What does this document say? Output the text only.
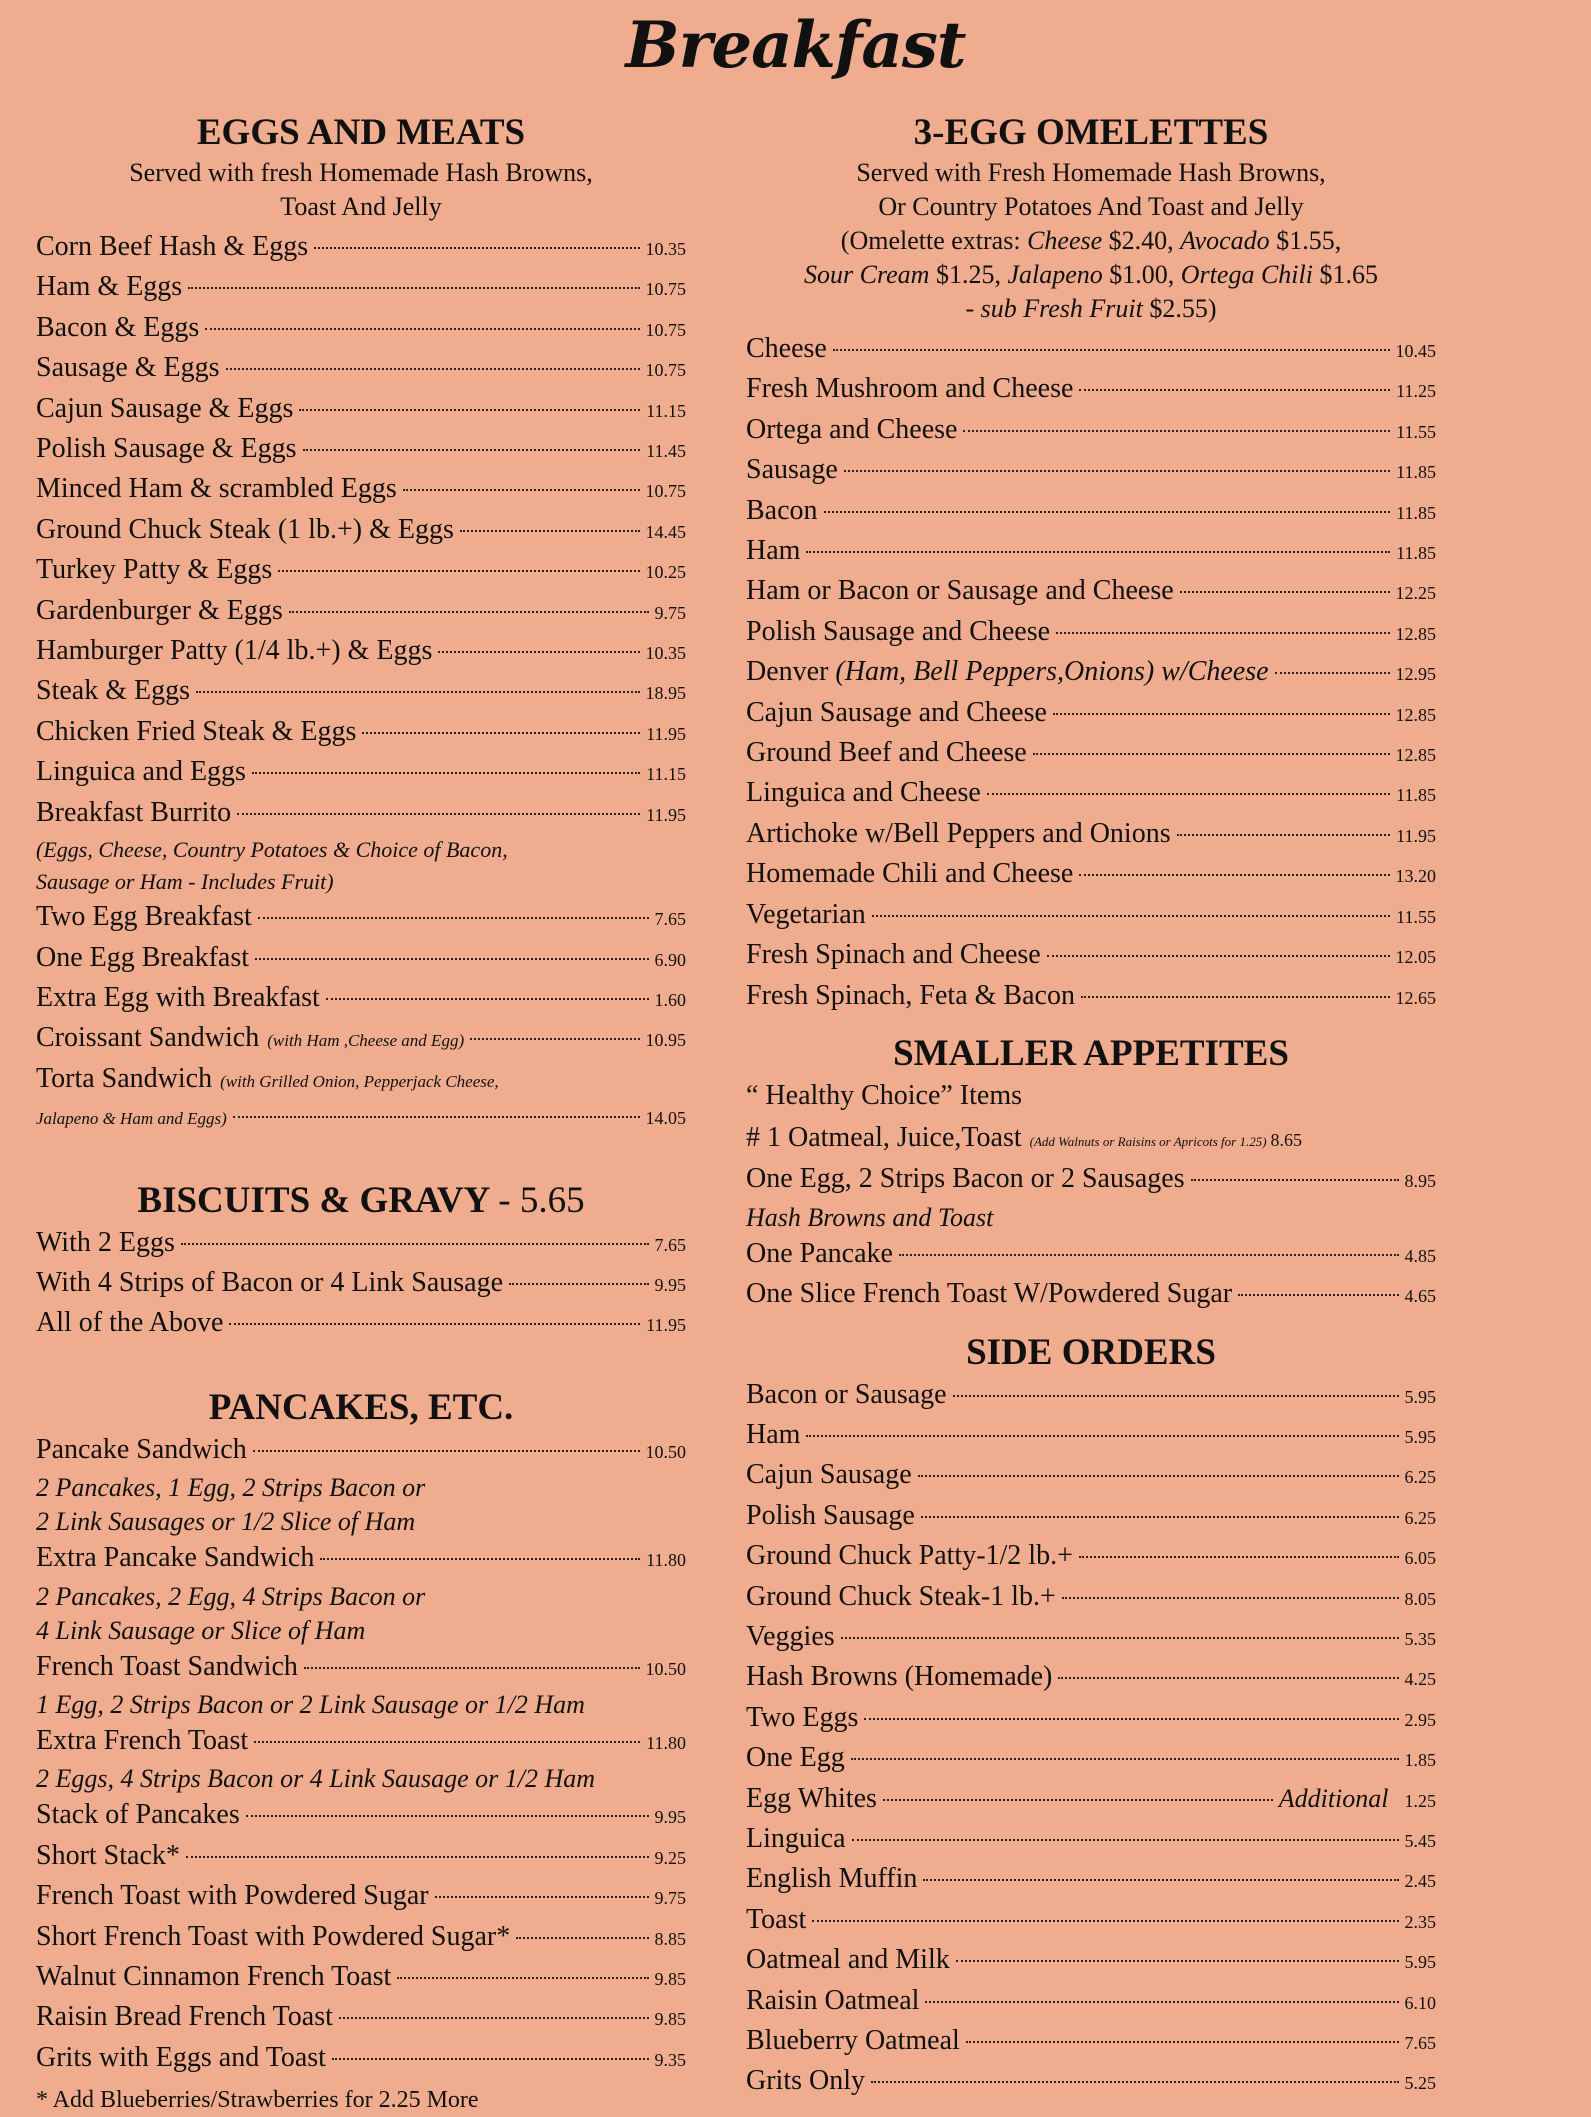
Breakfast
EGGS AND MEATS
Served with fresh Homemade Hash Browns,
Toast And Jelly
Corn Beef Hash & Eggs	10.35
Ham & Eggs	10.75
Bacon & Eggs	10.75
Sausage & Eggs	10.75
Cajun Sausage & Eggs	11.15
Polish Sausage & Eggs	11.45
Minced Ham & scrambled Eggs	10.75
Ground Chuck Steak (1 lb.+) & Eggs	14.45
Turkey Patty & Eggs	10.25
Gardenburger & Eggs	9.75
Hamburger Patty (1/4 lb.+) & Eggs	10.35
Steak & Eggs	18.95
Chicken Fried Steak & Eggs	11.95
Linguica and Eggs	11.15
Breakfast Burrito	11.95
(Eggs, Cheese, Country Potatoes & Choice of Bacon,
Sausage or Ham - Includes Fruit)
Two Egg Breakfast	7.65
One Egg Breakfast	6.90
Extra Egg with Breakfast	1.60
Croissant Sandwich (with Ham ,Cheese and Egg)	10.95
Torta Sandwich (with Grilled Onion, Pepperjack Cheese,
Jalapeno & Ham and Eggs)	14.05
BISCUITS & GRAVY - 5.65
With 2 Eggs	7.65
With 4 Strips of Bacon or 4 Link Sausage	9.95
All of the Above	11.95
PANCAKES, ETC.
Pancake Sandwich	10.50
2 Pancakes, 1 Egg, 2 Strips Bacon or
2 Link Sausages or 1/2 Slice of Ham
Extra Pancake Sandwich	11.80
2 Pancakes, 2 Egg, 4 Strips Bacon or
4 Link Sausage or Slice of Ham
French Toast Sandwich	10.50
1 Egg, 2 Strips Bacon or 2 Link Sausage or 1/2 Ham
Extra French Toast	11.80
2 Eggs, 4 Strips Bacon or 4 Link Sausage or 1/2 Ham
Stack of Pancakes	9.95
Short Stack*	9.25
French Toast with Powdered Sugar	9.75
Short French Toast with Powdered Sugar*	8.85
Walnut Cinnamon French Toast	9.85
Raisin Bread French Toast	9.85
Grits with Eggs and Toast	9.35
* Add Blueberries/Strawberries for 2.25 More
3-EGG OMELETTES
Served with Fresh Homemade Hash Browns,
Or Country Potatoes And Toast and Jelly
(Omelette extras: Cheese $2.40, Avocado $1.55,
Sour Cream $1.25, Jalapeno $1.00, Ortega Chili $1.65
- sub Fresh Fruit $2.55)
Cheese	10.45
Fresh Mushroom and Cheese	11.25
Ortega and Cheese	11.55
Sausage	11.85
Bacon	11.85
Ham	11.85
Ham or Bacon or Sausage and Cheese	12.25
Polish Sausage and Cheese	12.85
Denver (Ham, Bell Peppers,Onions) w/Cheese	12.95
Cajun Sausage and Cheese	12.85
Ground Beef and Cheese	12.85
Linguica and Cheese	11.85
Artichoke w/Bell Peppers and Onions	11.95
Homemade Chili and Cheese	13.20
Vegetarian	11.55
Fresh Spinach and Cheese	12.05
Fresh Spinach, Feta & Bacon	12.65
SMALLER APPETITES
“ Healthy Choice” Items
# 1 Oatmeal, Juice,Toast (Add Walnuts or Raisins or Apricots for 1.25) 8.65
One Egg, 2 Strips Bacon or 2 Sausages	8.95
Hash Browns and Toast
One Pancake	4.85
One Slice French Toast W/Powdered Sugar	4.65
SIDE ORDERS
Bacon or Sausage	5.95
Ham	5.95
Cajun Sausage	6.25
Polish Sausage	6.25
Ground Chuck Patty-1/2 lb.+	6.05
Ground Chuck Steak-1 lb.+	8.05
Veggies	5.35
Hash Browns (Homemade)	4.25
Two Eggs	2.95
One Egg	1.85
Egg Whites	Additional 1.25
Linguica	5.45
English Muffin	2.45
Toast	2.35
Oatmeal and Milk	5.95
Raisin Oatmeal	6.10
Blueberry Oatmeal	7.65
Grits Only	5.25
